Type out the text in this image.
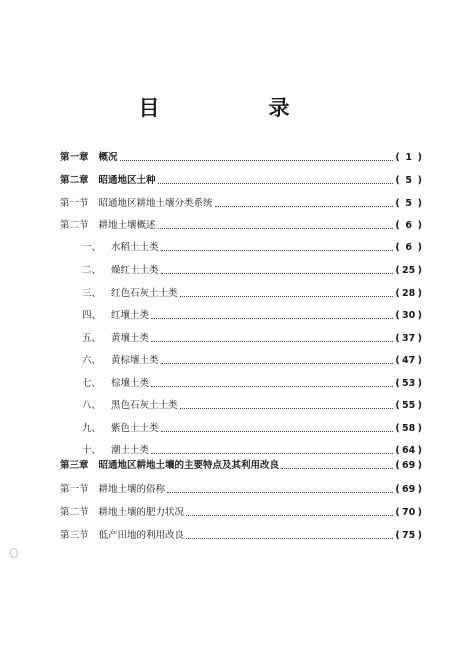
目　录
第一章 概况	( 1 )
第二章 昭通地区土种	( 5 )
第一节 昭通地区耕地土壤分类系统	( 5 )
第二节 耕地土壤概述	( 6 )
一、 水稻土土类	( 6 )
二、 燥红土土类	( 25 )
三、 红色石灰土土类	( 28 )
四、 红壤土类	( 30 )
五、 黄壤土类	( 37 )
六、 黄棕壤土类	( 47 )
七、 棕壤土类	( 53 )
八、 黑色石灰土土类	( 55 )
九、 紫色土土类	( 58 )
十、 潮土土类	( 64 )
第三章 昭通地区耕地土壤的主要特点及其利用改良	( 69 )
第一节 耕地土壤的俗称	( 69 )
第二节 耕地土壤的肥力状况	( 70 )
第三节 低产田地的利用改良	( 75 )
